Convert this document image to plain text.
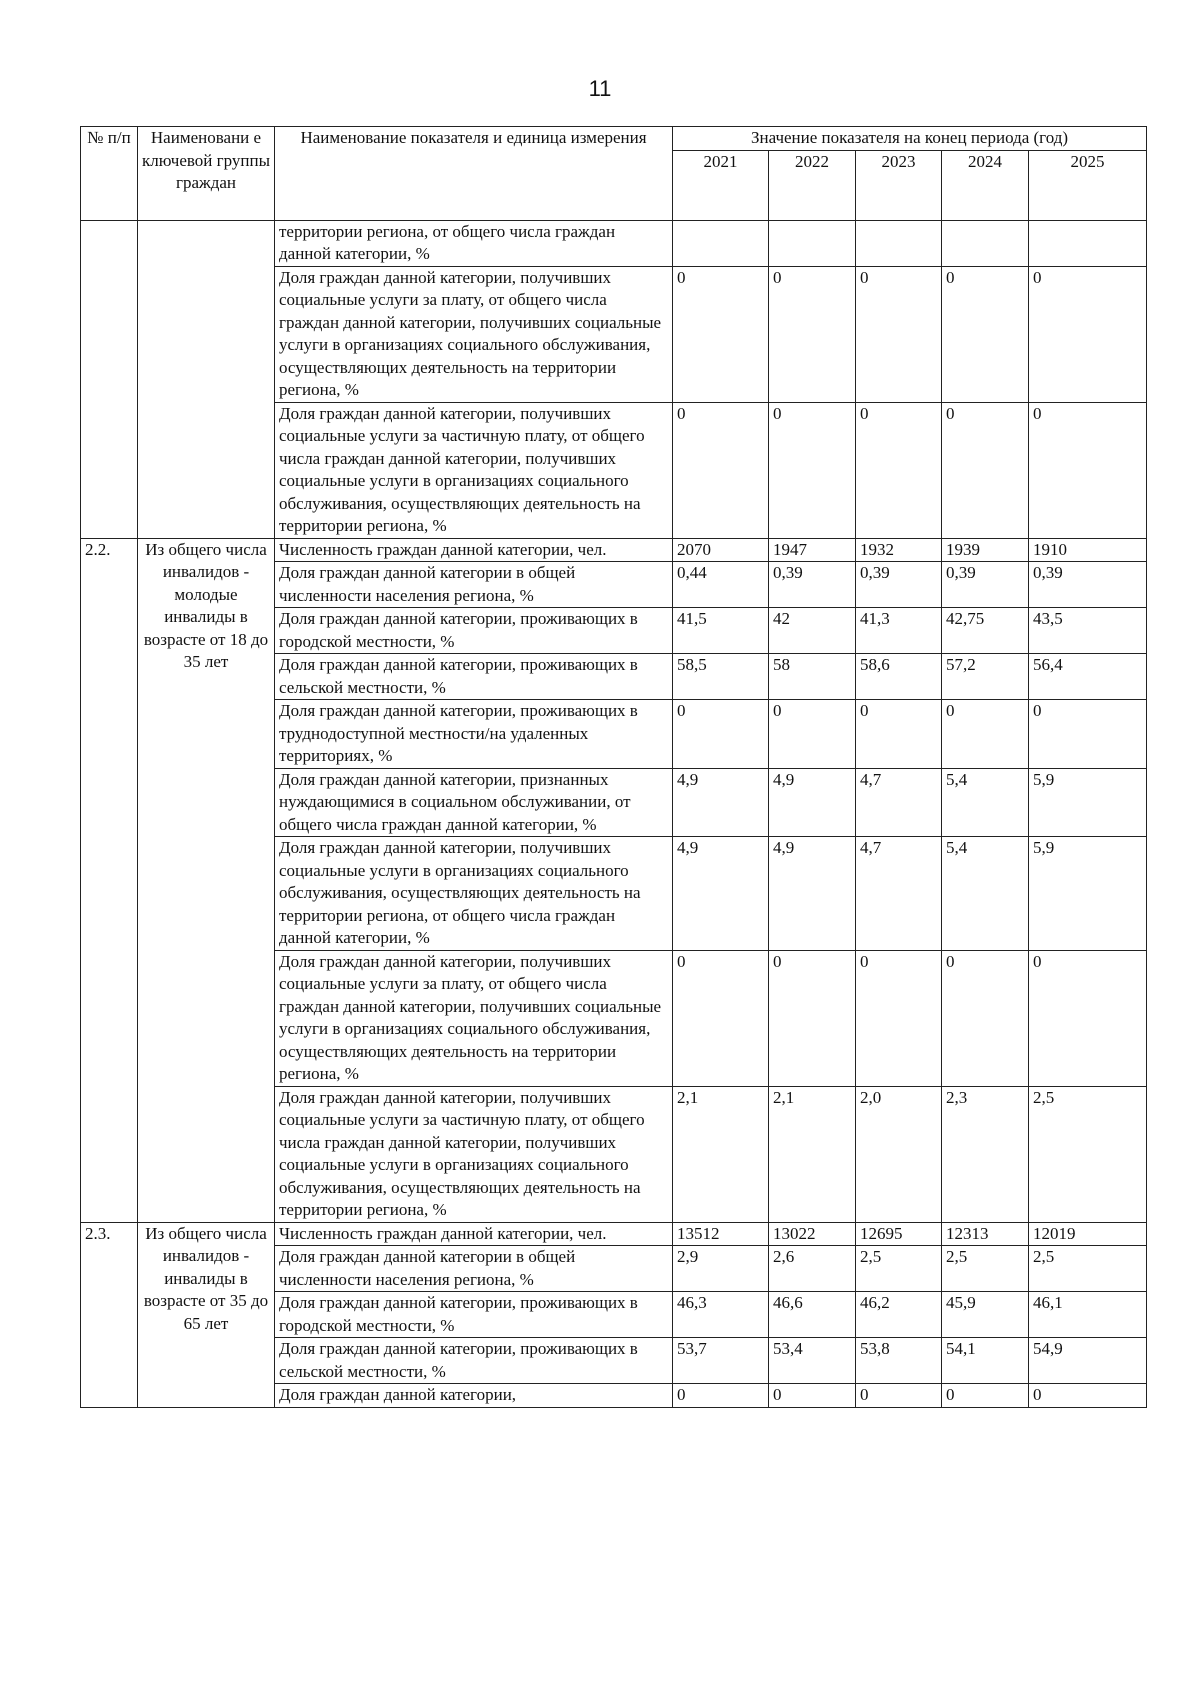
11
№ п/п	Наименовани е ключевой группы граждан	Наименование показателя и единица измерения	Значение показателя на конец периода (год)				
			2021	2022	2023	2024	2025
		территории региона, от общего числа граждан данной категории, %					
		Доля граждан данной категории, получивших социальные услуги за плату, от общего числа граждан данной категории, получивших социальные услуги в организациях социального обслуживания, осуществляющих деятельность на территории региона, %	0	0	0	0	0
		Доля граждан данной категории, получивших социальные услуги за частичную плату, от общего числа граждан данной категории, получивших социальные услуги в организациях социального обслуживания, осуществляющих деятельность на территории региона, %	0	0	0	0	0
2.2.	Из общего числа инвалидов - молодые инвалиды в возрасте от 18 до 35 лет	Численность граждан данной категории, чел.	2070	1947	1932	1939	1910
		Доля граждан данной категории в общей численности населения региона, %	0,44	0,39	0,39	0,39	0,39
		Доля граждан данной категории, проживающих в городской местности, %	41,5	42	41,3	42,75	43,5
		Доля граждан данной категории, проживающих в сельской местности, %	58,5	58	58,6	57,2	56,4
		Доля граждан данной категории, проживающих в труднодоступной местности/на удаленных территориях, %	0	0	0	0	0
		Доля граждан данной категории, признанных нуждающимися в социальном обслуживании, от общего числа граждан данной категории, %	4,9	4,9	4,7	5,4	5,9
		Доля граждан данной категории, получивших социальные услуги в организациях социального обслуживания, осуществляющих деятельность на территории региона, от общего числа граждан данной категории, %	4,9	4,9	4,7	5,4	5,9
		Доля граждан данной категории, получивших социальные услуги за плату, от общего числа граждан данной категории, получивших социальные услуги в организациях социального обслуживания, осуществляющих деятельность на территории региона, %	0	0	0	0	0
		Доля граждан данной категории, получивших социальные услуги за частичную плату, от общего числа граждан данной категории, получивших социальные услуги в организациях социального обслуживания, осуществляющих деятельность на территории региона, %	2,1	2,1	2,0	2,3	2,5
2.3.	Из общего числа инвалидов - инвалиды в возрасте от 35 до 65 лет	Численность граждан данной категории, чел.	13512	13022	12695	12313	12019
		Доля граждан данной категории в общей численности населения региона, %	2,9	2,6	2,5	2,5	2,5
		Доля граждан данной категории, проживающих в городской местности, %	46,3	46,6	46,2	45,9	46,1
		Доля граждан данной категории, проживающих в сельской местности, %	53,7	53,4	53,8	54,1	54,9
		Доля граждан данной категории,	0	0	0	0	0
